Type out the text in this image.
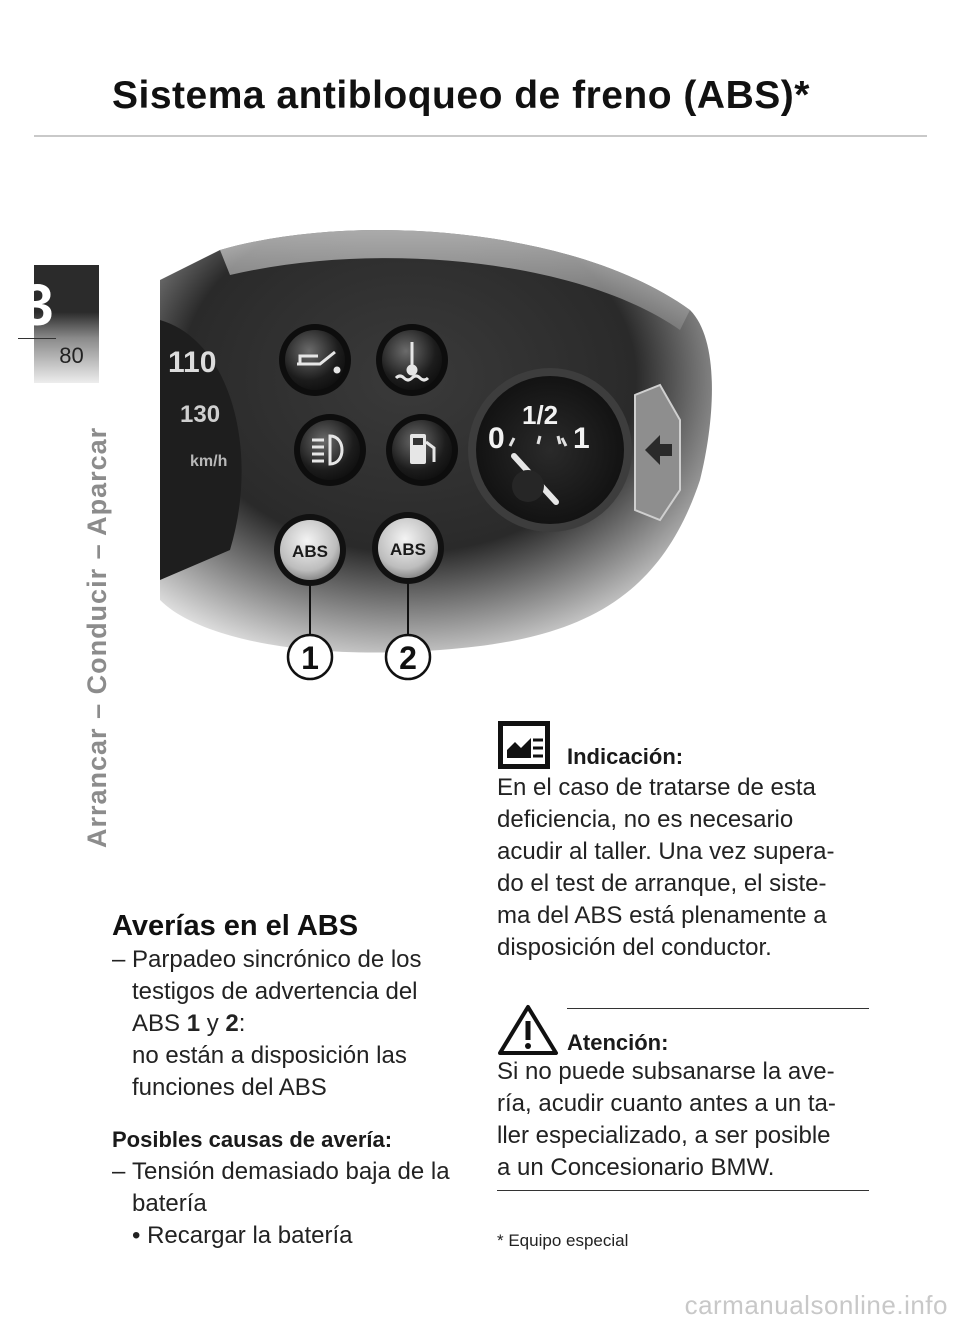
Sistema antibloqueo de freno (ABS)*
3
80
Arrancar – Conducir – Aparcar
110
130
km/h
0
1/2
1
ABS	ABS
1	2
Averías en el ABS
– Parpadeo sincrónico de los
testigos de advertencia del
ABS 1 y 2:
no están a disposición las
funciones del ABS
Posibles causas de avería:
– Tensión demasiado baja de la
batería
• Recargar la batería
Indicación:
En el caso de tratarse de esta
deficiencia, no es necesario
acudir al taller. Una vez supera-
do el test de arranque, el siste-
ma del ABS está plenamente a
disposición del conductor.
Atención:
Si no puede subsanarse la ave-
ría, acudir cuanto antes a un ta-
ller especializado, a ser posible
a un Concesionario BMW.
* Equipo especial
carmanualsonline.info
